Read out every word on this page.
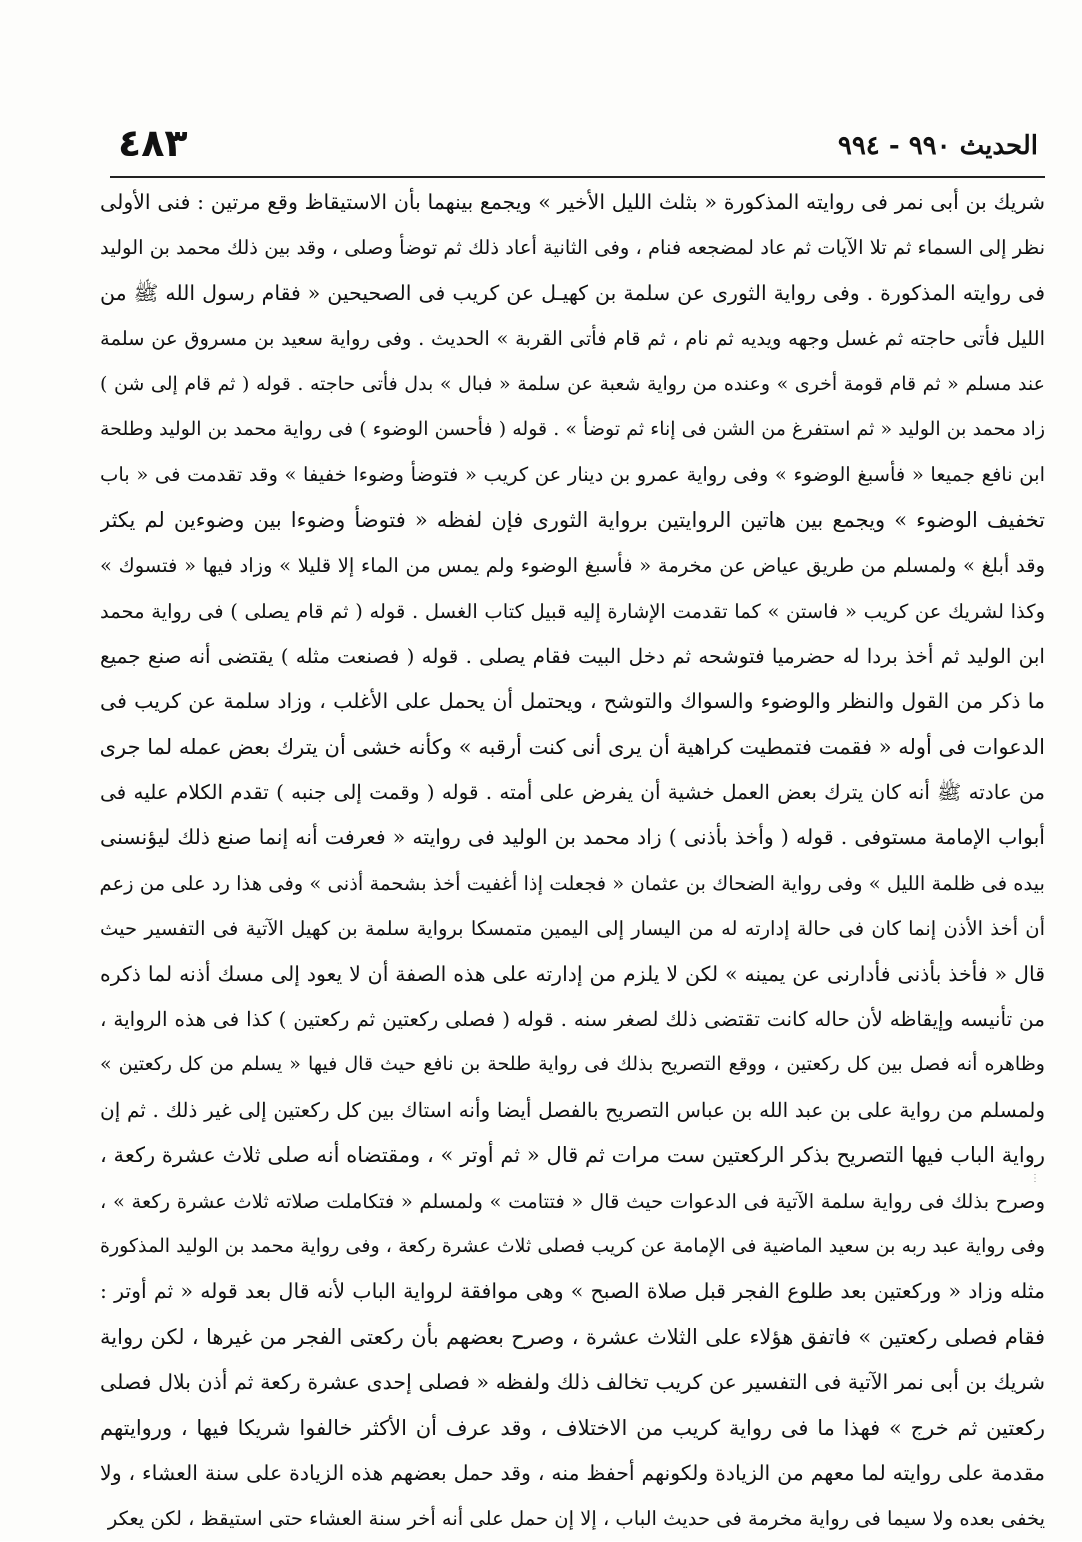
٤٨٣	الحديث ٩٩٠ - ٩٩٤
شريك بن أبى نمر فى روايته المذكورة « بثلث الليل الأخير » ويجمع بينهما بأن الاستيقاظ وقع مرتين : فنى الأولى
نظر إلى السماء ثم تلا الآيات ثم عاد لمضجعه فنام ، وفى الثانية أعاد ذلك ثم توضأ وصلى ، وقد بين ذلك محمد بن الوليد
فى روايته المذكورة . وفى رواية الثورى عن سلمة بن كهيـل عن كريب فى الصحيحين « فقام رسول الله ﷺ من
الليل فأتى حاجته ثم غسل وجهه ويديه ثم نام ، ثم قام فأتى القربة » الحديث . وفى رواية سعيد بن مسروق عن سلمة
عند مسلم « ثم قام قومة أخرى » وعنده من رواية شعبة عن سلمة « فبال » بدل فأتى حاجته . قوله ( ثم قام إلى شن )
زاد محمد بن الوليد « ثم استفرغ من الشن فى إناء ثم توضأ » . قوله ( فأحسن الوضوء ) فى رواية محمد بن الوليد وطلحة
ابن نافع جميعا « فأسبغ الوضوء » وفى رواية عمرو بن دينار عن كريب « فتوضأ وضوءا خفيفا » وقد تقدمت فى « باب
تخفيف الوضوء » ويجمع بين هاتين الروايتين برواية الثورى فإن لفظه « فتوضأ وضوءا بين وضوءين لم يكثر
وقد أبلغ » ولمسلم من طريق عياض عن مخرمة « فأسبغ الوضوء ولم يمس من الماء إلا قليلا » وزاد فيها « فتسوك »
وكذا لشريك عن كريب « فاستن » كما تقدمت الإشارة إليه قبيل كتاب الغسل . قوله ( ثم قام يصلى ) فى رواية محمد
ابن الوليد ثم أخذ بردا له حضرميا فتوشحه ثم دخل البيت فقام يصلى . قوله ( فصنعت مثله ) يقتضى أنه صنع جميع
ما ذكر من القول والنظر والوضوء والسواك والتوشح ، ويحتمل أن يحمل على الأغلب ، وزاد سلمة عن كريب فى
الدعوات فى أوله « فقمت فتمطيت كراهية أن يرى أنى كنت أرقبه » وكأنه خشى أن يترك بعض عمله لما جرى
من عادته ﷺ أنه كان يترك بعض العمل خشية أن يفرض على أمته . قوله ( وقمت إلى جنبه ) تقدم الكلام عليه فى
أبواب الإمامة مستوفى . قوله ( وأخذ بأذنى ) زاد محمد بن الوليد فى روايته « فعرفت أنه إنما صنع ذلك ليؤنسنى
بيده فى ظلمة الليل » وفى رواية الضحاك بن عثمان « فجعلت إذا أغفيت أخذ بشحمة أذنى » وفى هذا رد على من زعم
أن أخذ الأذن إنما كان فى حالة إدارته له من اليسار إلى اليمين متمسكا برواية سلمة بن كهيل الآتية فى التفسير حيث
قال « فأخذ بأذنى فأدارنى عن يمينه » لكن لا يلزم من إدارته على هذه الصفة أن لا يعود إلى مسك أذنه لما ذكره
من تأنيسه وإيقاظه لأن حاله كانت تقتضى ذلك لصغر سنه . قوله ( فصلى ركعتين ثم ركعتين ) كذا فى هذه الرواية ،
وظاهره أنه فصل بين كل ركعتين ، ووقع التصريح بذلك فى رواية طلحة بن نافع حيث قال فيها « يسلم من كل ركعتين »
ولمسلم من رواية على بن عبد الله بن عباس التصريح بالفصل أيضا وأنه استاك بين كل ركعتين إلى غير ذلك . ثم إن
رواية الباب فيها التصريح بذكر الركعتين ست مرات ثم قال « ثم أوتر » ، ومقتضاه أنه صلى ثلاث عشرة ركعة ،
وصرح بذلك فى رواية سلمة الآتية فى الدعوات حيث قال « فتتامت » ولمسلم « فتكاملت صلاته ثلاث عشرة ركعة » ،
وفى رواية عبد ربه بن سعيد الماضية فى الإمامة عن كريب فصلى ثلاث عشرة ركعة ، وفى رواية محمد بن الوليد المذكورة
مثله وزاد « وركعتين بعد طلوع الفجر قبل صلاة الصبح » وهى موافقة لرواية الباب لأنه قال بعد قوله « ثم أوتر :
فقام فصلى ركعتين » فاتفق هؤلاء على الثلاث عشرة ، وصرح بعضهم بأن ركعتى الفجر من غيرها ، لكن رواية
شريك بن أبى نمر الآتية فى التفسير عن كريب تخالف ذلك ولفظه « فصلى إحدى عشرة ركعة ثم أذن بلال فصلى
ركعتين ثم خرج » فهذا ما فى رواية كريب من الاختلاف ، وقد عرف أن الأكثر خالفوا شريكا فيها ، وروايتهم
مقدمة على روايته لما معهم من الزيادة ولكونهم أحفظ منه ، وقد حمل بعضهم هذه الزيادة على سنة العشاء ، ولا
يخفى بعده ولا سيما فى رواية مخرمة فى حديث الباب ، إلا إن حمل على أنه أخر سنة العشاء حتى استيقظ ، لكن يعكر
⋮
